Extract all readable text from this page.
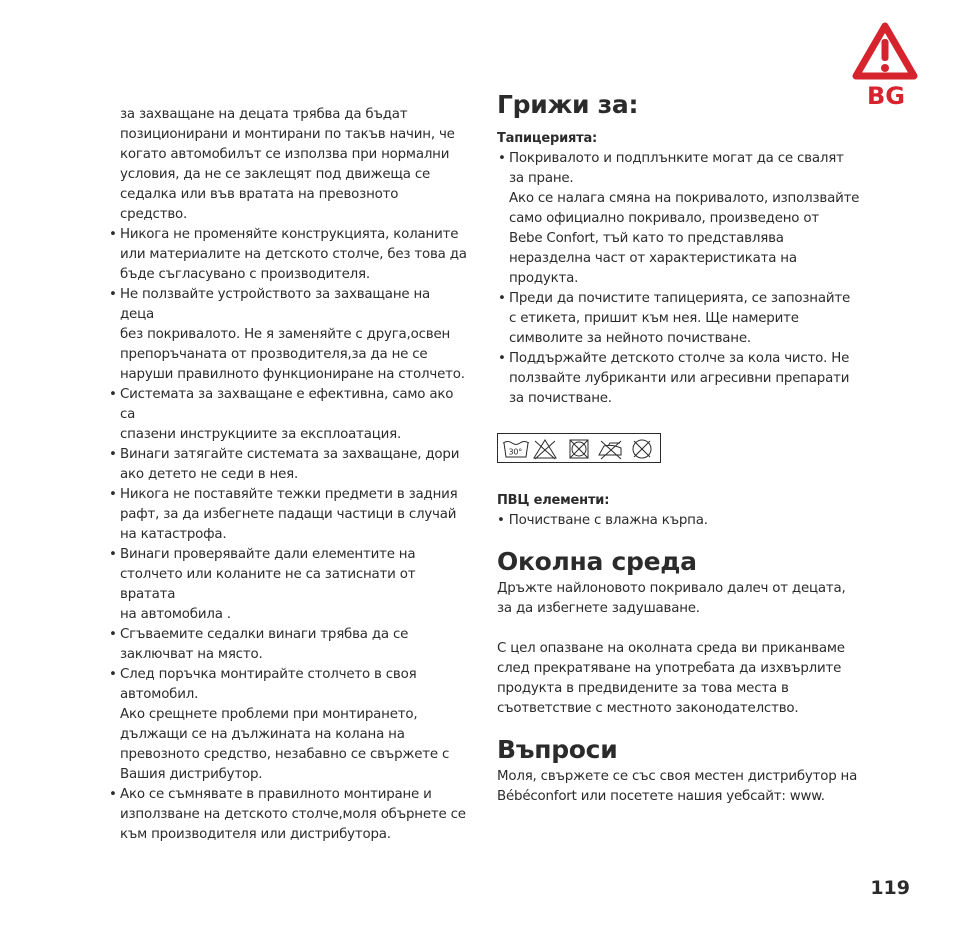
BG

за захващане на децата трябва да бъдат

позиционирани и монтирани по такъв начин, че

когато автомобилът се използва при нормални

условия, да не се заклещят под движеща се

седалка или във вратата на превозното средство.

• Никога не променяйте конструкцията, коланите

или материалите на детското столче, без това да

бъде съгласувано с производителя.

• Не ползвайте устройството за захващане на деца

без покривалото. Не я заменяйте с друга,освен

препоръчаната от прозводителя,за да не се

наруши правилното функциониране на столчето.

• Системата за захващане е ефективна, само ако са

спазени инструкциите за експлоатация.

• Винаги затягайте системата за захващане, дори

ако детето не седи в нея.

• Никога не поставяйте тежки предмети в задния

рафт, за да избегнете падащи частици в случай

на катастрофа.

• Винаги проверявайте дали елементите на

столчето или коланите не са затиснати от вратата

на автомобила .

• Сгъваемите седалки винаги трябва да се

заключват на място.

• След поръчка монтирайте столчето в своя

автомобил.

Ако срещнете проблеми при монтирането,

дължащи се на дължината на колана на

превозното средство, незабавно се свържете с

Вашия дистрибутор.

• Ако се съмнявате в правилното монтиране и

използване на детското столче,моля обърнете се

към производителя или дистрибутора.

Грижи за:
Тапицерията:
• Покривалото и подплънките могат да се свалят

за пране.

Ако се налага смяна на покривалото, използвайте

само официално покривало, произведено от

Bebe Confort, тъй като то представлява

неразделна част от характеристиката на

продукта.

• Преди да почистите тапицерията, се запознайте

с етикета, пришит към нея. Ще намерите

символите за нейното почистване.

• Поддържайте детското столче за кола чисто. Не

ползвайте лубриканти или агресивни препарати

за почистване.

30°
ПВЦ елементи:

• Почистване с влажна кърпа.

Околна среда

Дръжте найлоновото покривало далеч от децата,

за да избегнете задушаване.

С цел опазване на околната среда ви приканваме

след прекратяване на употребата да изхвърлите

продукта в предвидените за това места в

съответствие с местното законодателство.

Въпроси

Моля, свържете се със своя местен дистрибутор на

Bébéconfort или посетете нашия уебсайт: www.

119
